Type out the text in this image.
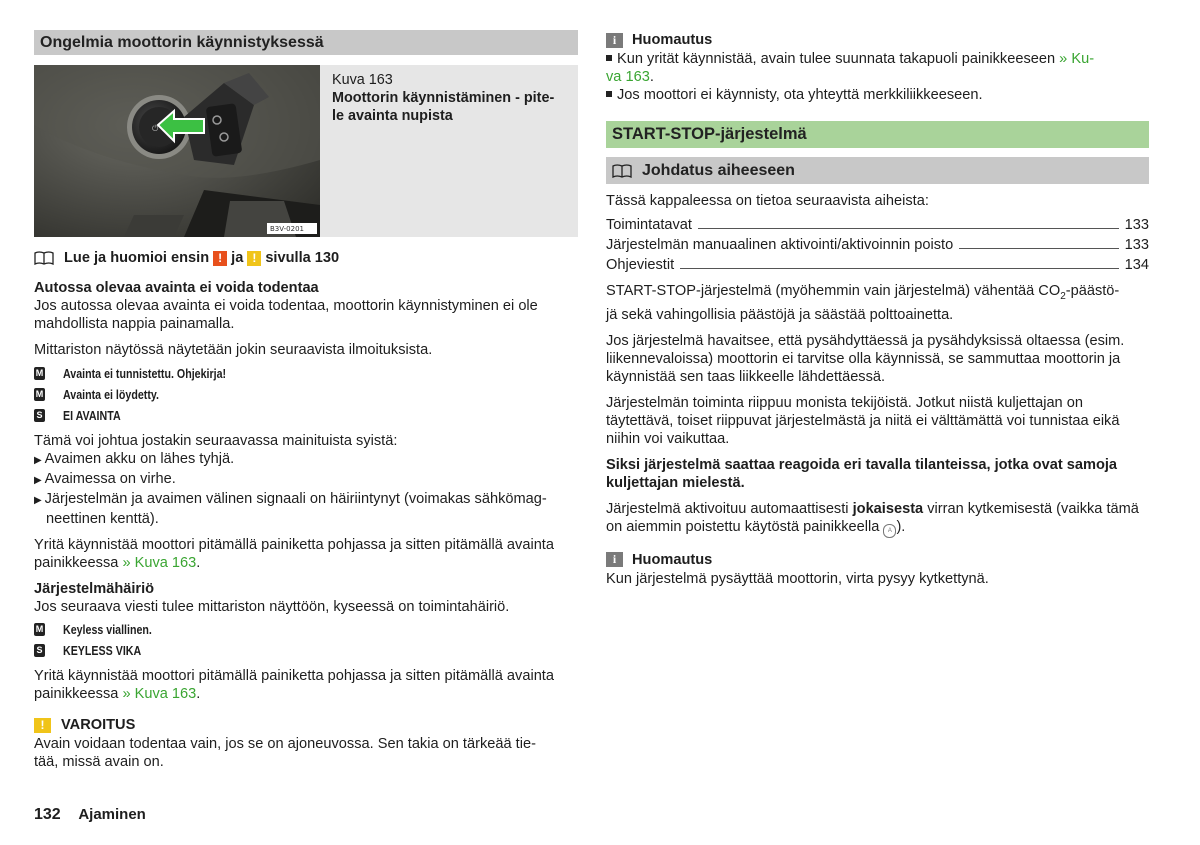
Ongelmia moottorin käynnistyksessä
⏻
B3V-0201
Kuva 163
Moottorin käynnistäminen - pite-
le avainta nupista
Lue ja huomioi ensin ! ja ! sivulla 130

Autossa olevaa avainta ei voida todentaa

Jos autossa olevaa avainta ei voida todentaa, moottorin käynnistyminen ei ole mahdollista nappia painamalla.

Mittariston näytössä näytetään jokin seuraavista ilmoituksista.

M Avainta ei tunnistettu. Ohjekirja!
M Avainta ei löydetty.
S EI AVAINTA

Tämä voi johtua jostakin seuraavassa mainituista syistä:

▶  Avaimen akku on lähes tyhjä.

▶  Avaimessa on virhe.

▶  Järjestelmän ja avaimen välinen signaali on häiriintynyt (voimakas sähkömag-
neettinen kenttä).

Yritä käynnistää moottori pitämällä painiketta pohjassa ja sitten pitämällä avainta painikkeessa » Kuva 163.

Järjestelmähäiriö

Jos seuraava viesti tulee mittariston näyttöön, kyseessä on toimintahäiriö.

M Keyless viallinen.
S KEYLESS VIKA

Yritä käynnistää moottori pitämällä painiketta pohjassa ja sitten pitämällä avainta painikkeessa » Kuva 163.

!	VAROITUS

Avain voidaan todentaa vain, jos se on ajoneuvossa. Sen takia on tärkeää tie-
tää, missä avain on.

i	Huomautus

Kun yrität käynnistää, avain tulee suunnata takapuoli painikkeeseen » Ku-
va 163.

Jos moottori ei käynnisty, ota yhteyttä merkkiliikkeeseen.

START-STOP-järjestelmä
Johdatus aiheeseen

Tässä kappaleessa on tietoa seuraavista aiheista:

Toimintatavat	133
Järjestelmän manuaalinen aktivointi/aktivoinnin poisto	133
Ohjeviestit	134

START-STOP-järjestelmä (myöhemmin vain järjestelmä) vähentää $CO_2-päästö-$
jä sekä vahingollisia päästöjä ja säästää polttoainetta.

Jos järjestelmä havaitsee, että pysähdyttäessä ja pysähdyksissä oltaessa (esim. liikennevaloissa) moottorin ei tarvitse olla käynnissä, se sammuttaa moottorin ja käynnistää sen taas liikkeelle lähdettäessä.

Järjestelmän toiminta riippuu monista tekijöistä. Jotkut niistä kuljettajan on täytettävä, toiset riippuvat järjestelmästä ja niitä ei välttämättä voi tunnistaa eikä niihin voi vaikuttaa.

Siksi järjestelmä saattaa reagoida eri tavalla tilanteissa, jotka ovat samoja kuljettajan mielestä.

Järjestelmä aktivoituu automaattisesti jokaisesta virran kytkemisestä (vaikka tämä on aiemmin poistettu käytöstä painikkeella A ).

i	Huomautus

Kun järjestelmä pysäyttää moottorin, virta pysyy kytkettynä.

132 Ajaminen
